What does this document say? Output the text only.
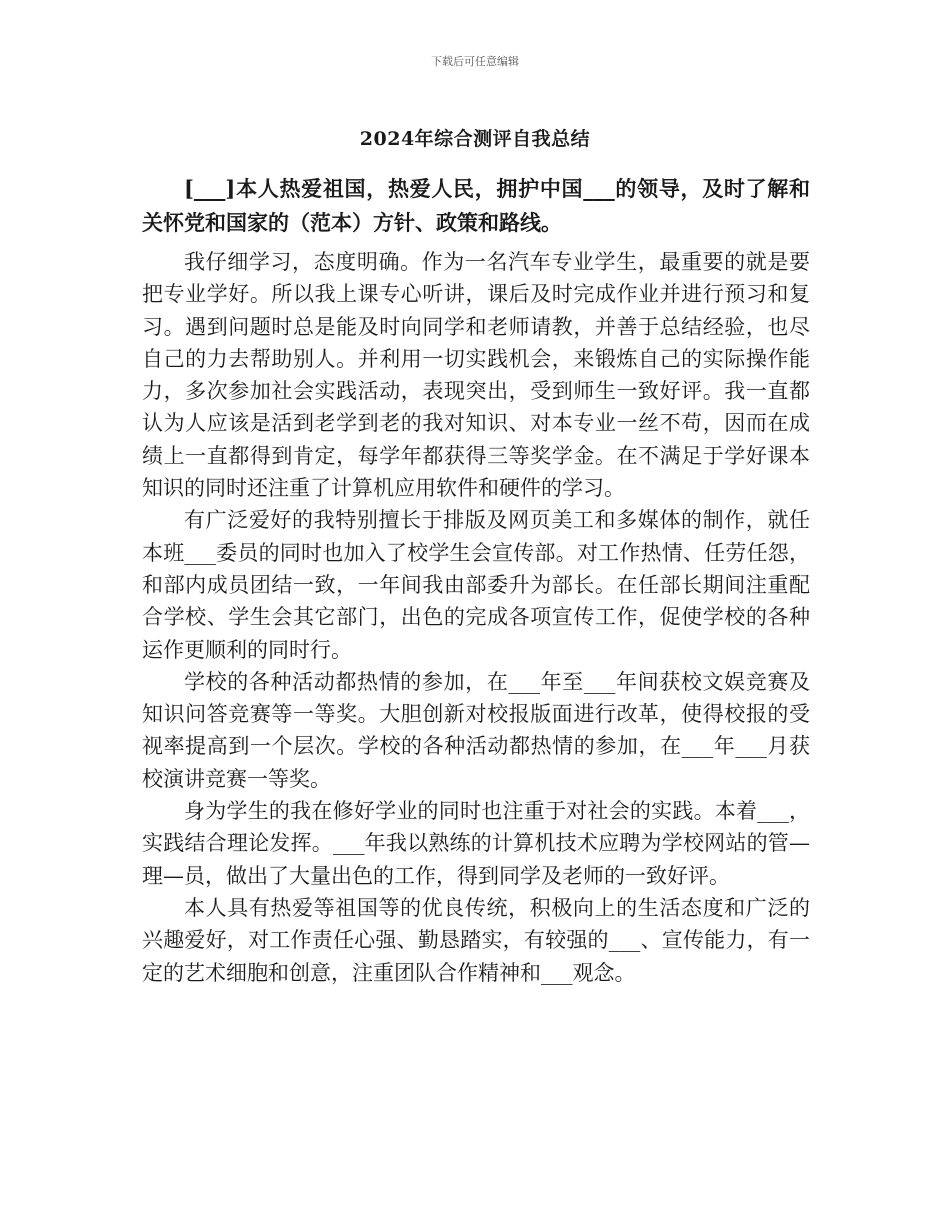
下载后可任意编辑
2024年综合测评自我总结

[___]本人热爱祖国，热爱人民，拥护中国___的领导，及时了解和关怀党和国家的（范本）方针、政策和路线。

我仔细学习，态度明确。作为一名汽车专业学生，最重要的就是要把专业学好。所以我上课专心听讲，课后及时完成作业并进行预习和复习。遇到问题时总是能及时向同学和老师请教，并善于总结经验，也尽自己的力去帮助别人。并利用一切实践机会，来锻炼自己的实际操作能力，多次参加社会实践活动，表现突出，受到师生一致好评。我一直都认为人应该是活到老学到老的我对知识、对本专业一丝不苟，因而在成绩上一直都得到肯定，每学年都获得三等奖学金。在不满足于学好课本知识的同时还注重了计算机应用软件和硬件的学习。

有广泛爱好的我特别擅长于排版及网页美工和多媒体的制作，就任本班___委员的同时也加入了校学生会宣传部。对工作热情、任劳任怨，和部内成员团结一致，一年间我由部委升为部长。在任部长期间注重配合学校、学生会其它部门，出色的完成各项宣传工作，促使学校的各种运作更顺利的同时行。

学校的各种活动都热情的参加，在___年至___年间获校文娱竞赛及知识问答竞赛等一等奖。大胆创新对校报版面进行改革，使得校报的受视率提高到一个层次。学校的各种活动都热情的参加，在___年___月获校演讲竞赛一等奖。

身为学生的我在修好学业的同时也注重于对社会的实践。本着___，实践结合理论发挥。___年我以熟练的计算机技术应聘为学校网站的管—理—员，做出了大量出色的工作，得到同学及老师的一致好评。

本人具有热爱等祖国等的优良传统，积极向上的生活态度和广泛的兴趣爱好，对工作责任心强、勤恳踏实，有较强的___、宣传能力，有一定的艺术细胞和创意，注重团队合作精神和___观念。
